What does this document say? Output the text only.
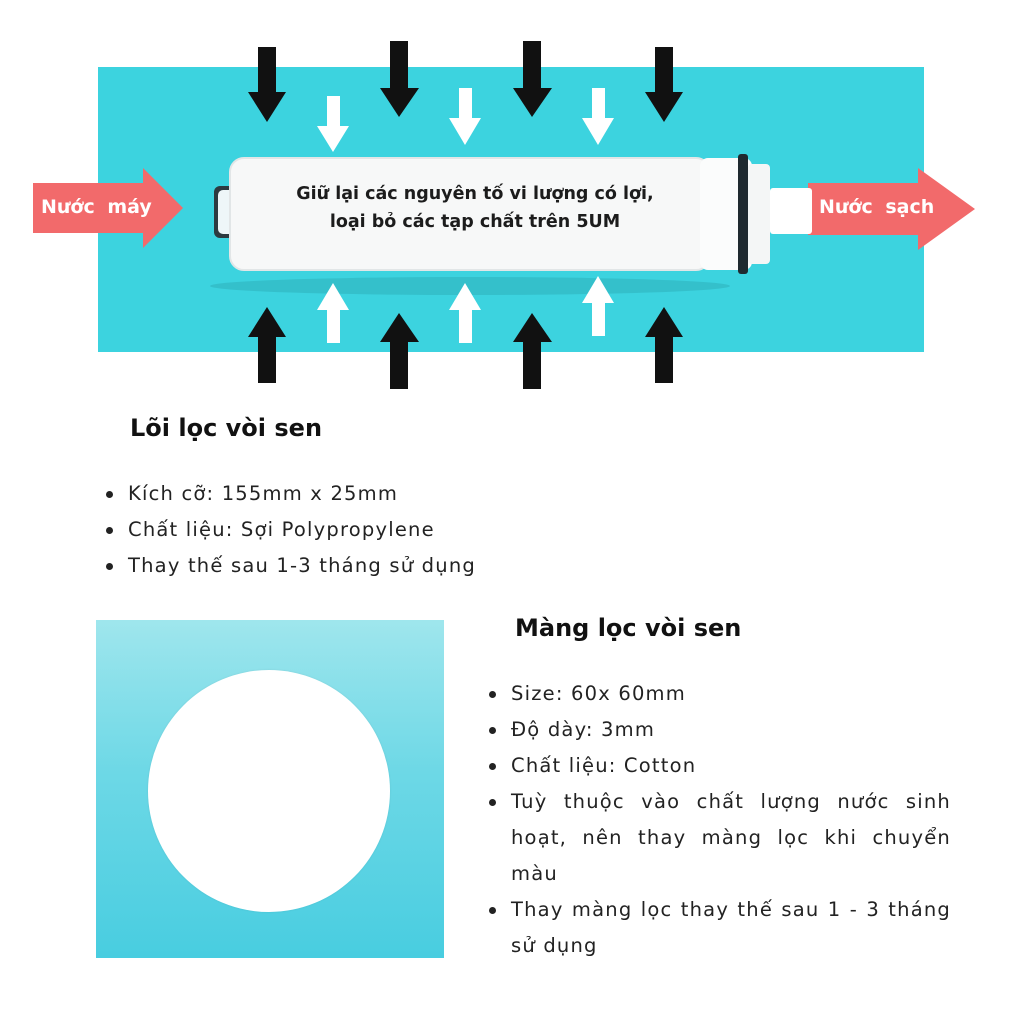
Nước máy	Nước sạch
Giữ lại các nguyên tố vi lượng có lợi,
loại bỏ các tạp chất trên 5UM
Lõi lọc vòi sen
Kích cỡ: 155mm x 25mm
Chất liệu: Sợi Polypropylene
Thay thế sau 1-3 tháng sử dụng
Màng lọc vòi sen
Size: 60x 60mm
Độ dày: 3mm
Chất liệu: Cotton
Tuỳ thuộc vào chất lượng nước sinh hoạt, nên thay màng lọc khi chuyển màu
Thay màng lọc thay thế sau 1 - 3 tháng sử dụng
